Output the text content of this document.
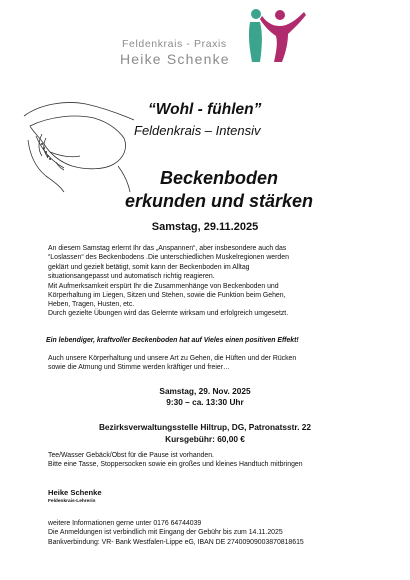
Feldenkrais - Praxis
Heike Schenke
“Wohl - fühlen”
Feldenkrais – Intensiv
Beckenboden
erkunden und stärken
Samstag, 29.11.2025
An diesem Samstag erlernt Ihr das „Anspannen“, aber insbesondere auch das
“Loslassen“ des Beckenbodens .Die unterschiedlichen Muskelregionen werden
geklärt und gezielt betätigt, somit kann der Beckenboden im Alltag
situationsangepasst und automatisch richtig reagieren.
Mit Aufmerksamkeit erspürt Ihr die Zusammenhänge von Beckenboden und
Körperhaltung im Liegen, Sitzen und Stehen, sowie die Funktion beim Gehen,
Heben, Tragen, Husten, etc.
Durch gezielte Übungen wird das Gelernte wirksam und erfolgreich umgesetzt.
Ein lebendiger, kraftvoller Beckenboden hat auf Vieles einen positiven Effekt!
Auch unsere Körperhaltung und unsere Art zu Gehen, die Hüften und der Rücken
sowie die Atmung und Stimme werden kräftiger und freier…
Samstag, 29. Nov. 2025
9:30 – ca. 13:30 Uhr
Bezirksverwaltungsstelle Hiltrup, DG, Patronatsstr. 22
Kursgebühr: 60,00 €
Tee/Wasser Gebäck/Obst für die Pause ist vorhanden.
Bitte eine Tasse, Stoppersocken sowie ein großes und kleines Handtuch mitbringen
Heike Schenke
Feldenkrais-Lehrerin
weitere Informationen gerne unter 0176 64744039
Die Anmeldungen ist verbindlich mit Eingang der Gebühr bis zum 14.11.2025
Bankverbindung: VR- Bank Westfalen-Lippe eG, IBAN DE 27400909003870818615
